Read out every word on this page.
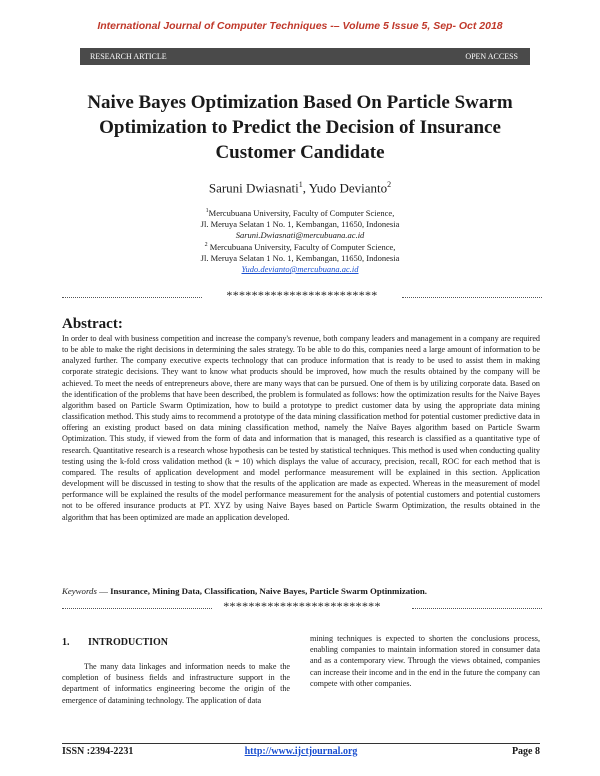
International Journal of Computer Techniques -– Volume 5 Issue 5, Sep- Oct 2018
RESEARCH ARTICLE	OPEN ACCESS
Naive Bayes Optimization Based On Particle Swarm Optimization to Predict the Decision of Insurance Customer Candidate
Saruni Dwiasnati$^1$, Yudo Devianto$^2$
$^1$Mercubuana University, Faculty of Computer Science,
Jl. Meruya Selatan 1 No. 1, Kembangan, 11650, Indonesia
Saruni.Dwiasnati@mercubuana.ac.id
$^2$ Mercubuana University, Faculty of Computer Science,
Jl. Meruya Selatan 1 No. 1, Kembangan, 11650, Indonesia
Yudo.devianto@mercubuana.ac.id
************************
Abstract:
In order to deal with business competition and increase the company's revenue, both company leaders and management in a company are required to be able to make the right decisions in determining the sales strategy. To be able to do this, companies need a large amount of information to be analyzed further. The company executive expects technology that can produce information that is ready to be used to assist them in making corporate strategic decisions. They want to know what products should be improved, how much the results obtained by the company will be achieved. To meet the needs of entrepreneurs above, there are many ways that can be pursued. One of them is by utilizing corporate data. Based on the identification of the problems that have been described, the problem is formulated as follows: how the optimization results for the Naive Bayes algorithm based on Particle Swarm Optimization, how to build a prototype to predict customer data by using the appropriate data mining classification method. This study aims to recommend a prototype of the data mining classification method for potential customer predictive data in offering an existing product based on data mining classification method, namely the Naïve Bayes algorithm based on Particle Swarm Optimization. This study, if viewed from the form of data and information that is managed, this research is classified as a quantitative type of research. Quantitative research is a research whose hypothesis can be tested by statistical techniques. This method is used when conducting quality testing using the k-fold cross validation method (k = 10) which displays the value of accuracy, precision, recall, ROC for each method that is compared. The results of application development and model performance measurement will be explained in this section. Application development will be discussed in testing to show that the results of the application are made as expected. Whereas in the measurement of model performance will be explained the results of the model performance measurement for the analysis of potential customers and potential customers not to be offered insurance products at PT. XYZ by using Naive Bayes based on Particle Swarm Optimization, the results obtained in the algorithm that has been optimized are made an application developed.
Keywords — Insurance, Mining Data, Classification, Naive Bayes, Particle Swarm Optinmization.
*************************
1. INTRODUCTION
The many data linkages and information needs to make the completion of business fields and infrastructure support in the department of informatics engineering become the origin of the emergence of datamining technology. The application of data
mining techniques is expected to shorten the conclusions process, enabling companies to maintain information stored in consumer data and as a contemporary view. Through the views obtained, companies can increase their income and in the end in the future the company can compete with other companies.
ISSN :2394-2231	http://www.ijctjournal.org	Page 8
